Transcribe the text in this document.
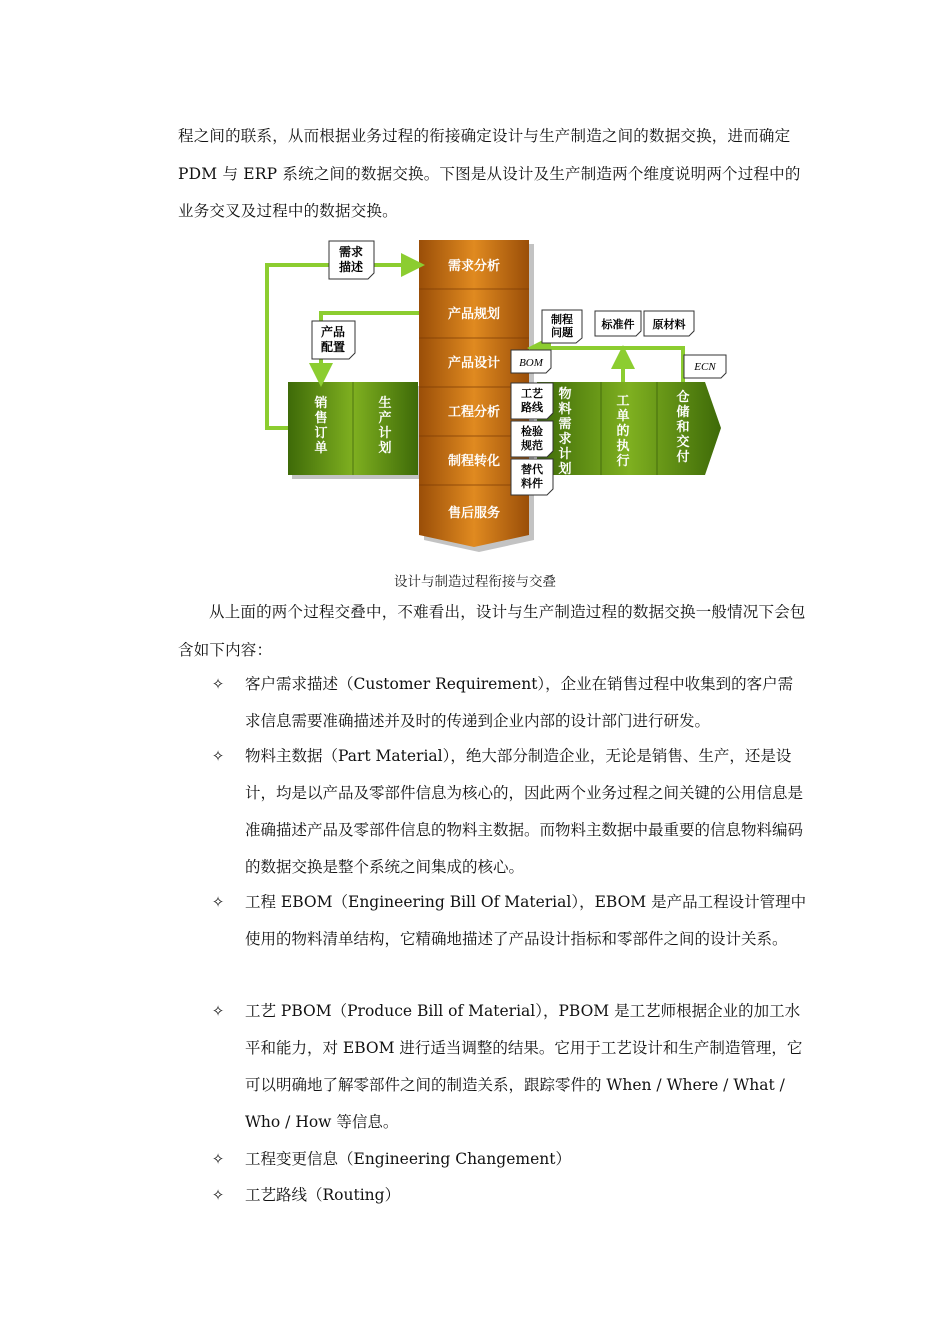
程之间的联系，从而根据业务过程的衔接确定设计与生产制造之间的数据交换，进而确定 PDM 与 ERP 系统之间的数据交换。下图是从设计及生产制造两个维度说明两个过程中的业务交叉及过程中的数据交换。

需求分析
产品规划
产品设计
工程分析
制程转化
售后服务
销售订单
生产计划
物料需求计划
工单的执行
仓储和交付
需求
描述
产品
配置
BOM
工艺
路线
检验
规范
替代
料件
制程
问题
标准件 原材料
ECN
设计与制造过程衔接与交叠

从上面的两个过程交叠中，不难看出，设计与生产制造过程的数据交换一般情况下会包含如下内容：

✧ 客户需求描述（Customer Requirement），企业在销售过程中收集到的客户需求信息需要准确描述并及时的传递到企业内部的设计部门进行研发。
✧ 物料主数据（Part Material），绝大部分制造企业，无论是销售、生产，还是设计，均是以产品及零部件信息为核心的，因此两个业务过程之间关键的公用信息是准确描述产品及零部件信息的物料主数据。而物料主数据中最重要的信息物料编码的数据交换是整个系统之间集成的核心。
✧ 工程 EBOM（Engineering Bill Of Material），EBOM 是产品工程设计管理中使用的物料清单结构，它精确地描述了产品设计指标和零部件之间的设计关系。
✧ 工艺 PBOM（Produce Bill of Material），PBOM 是工艺师根据企业的加工水平和能力，对 EBOM 进行适当调整的结果。它用于工艺设计和生产制造管理，它可以明确地了解零部件之间的制造关系，跟踪零件的 When / Where / What / Who / How 等信息。
✧ 工程变更信息（Engineering Changement）
✧ 工艺路线（Routing）
